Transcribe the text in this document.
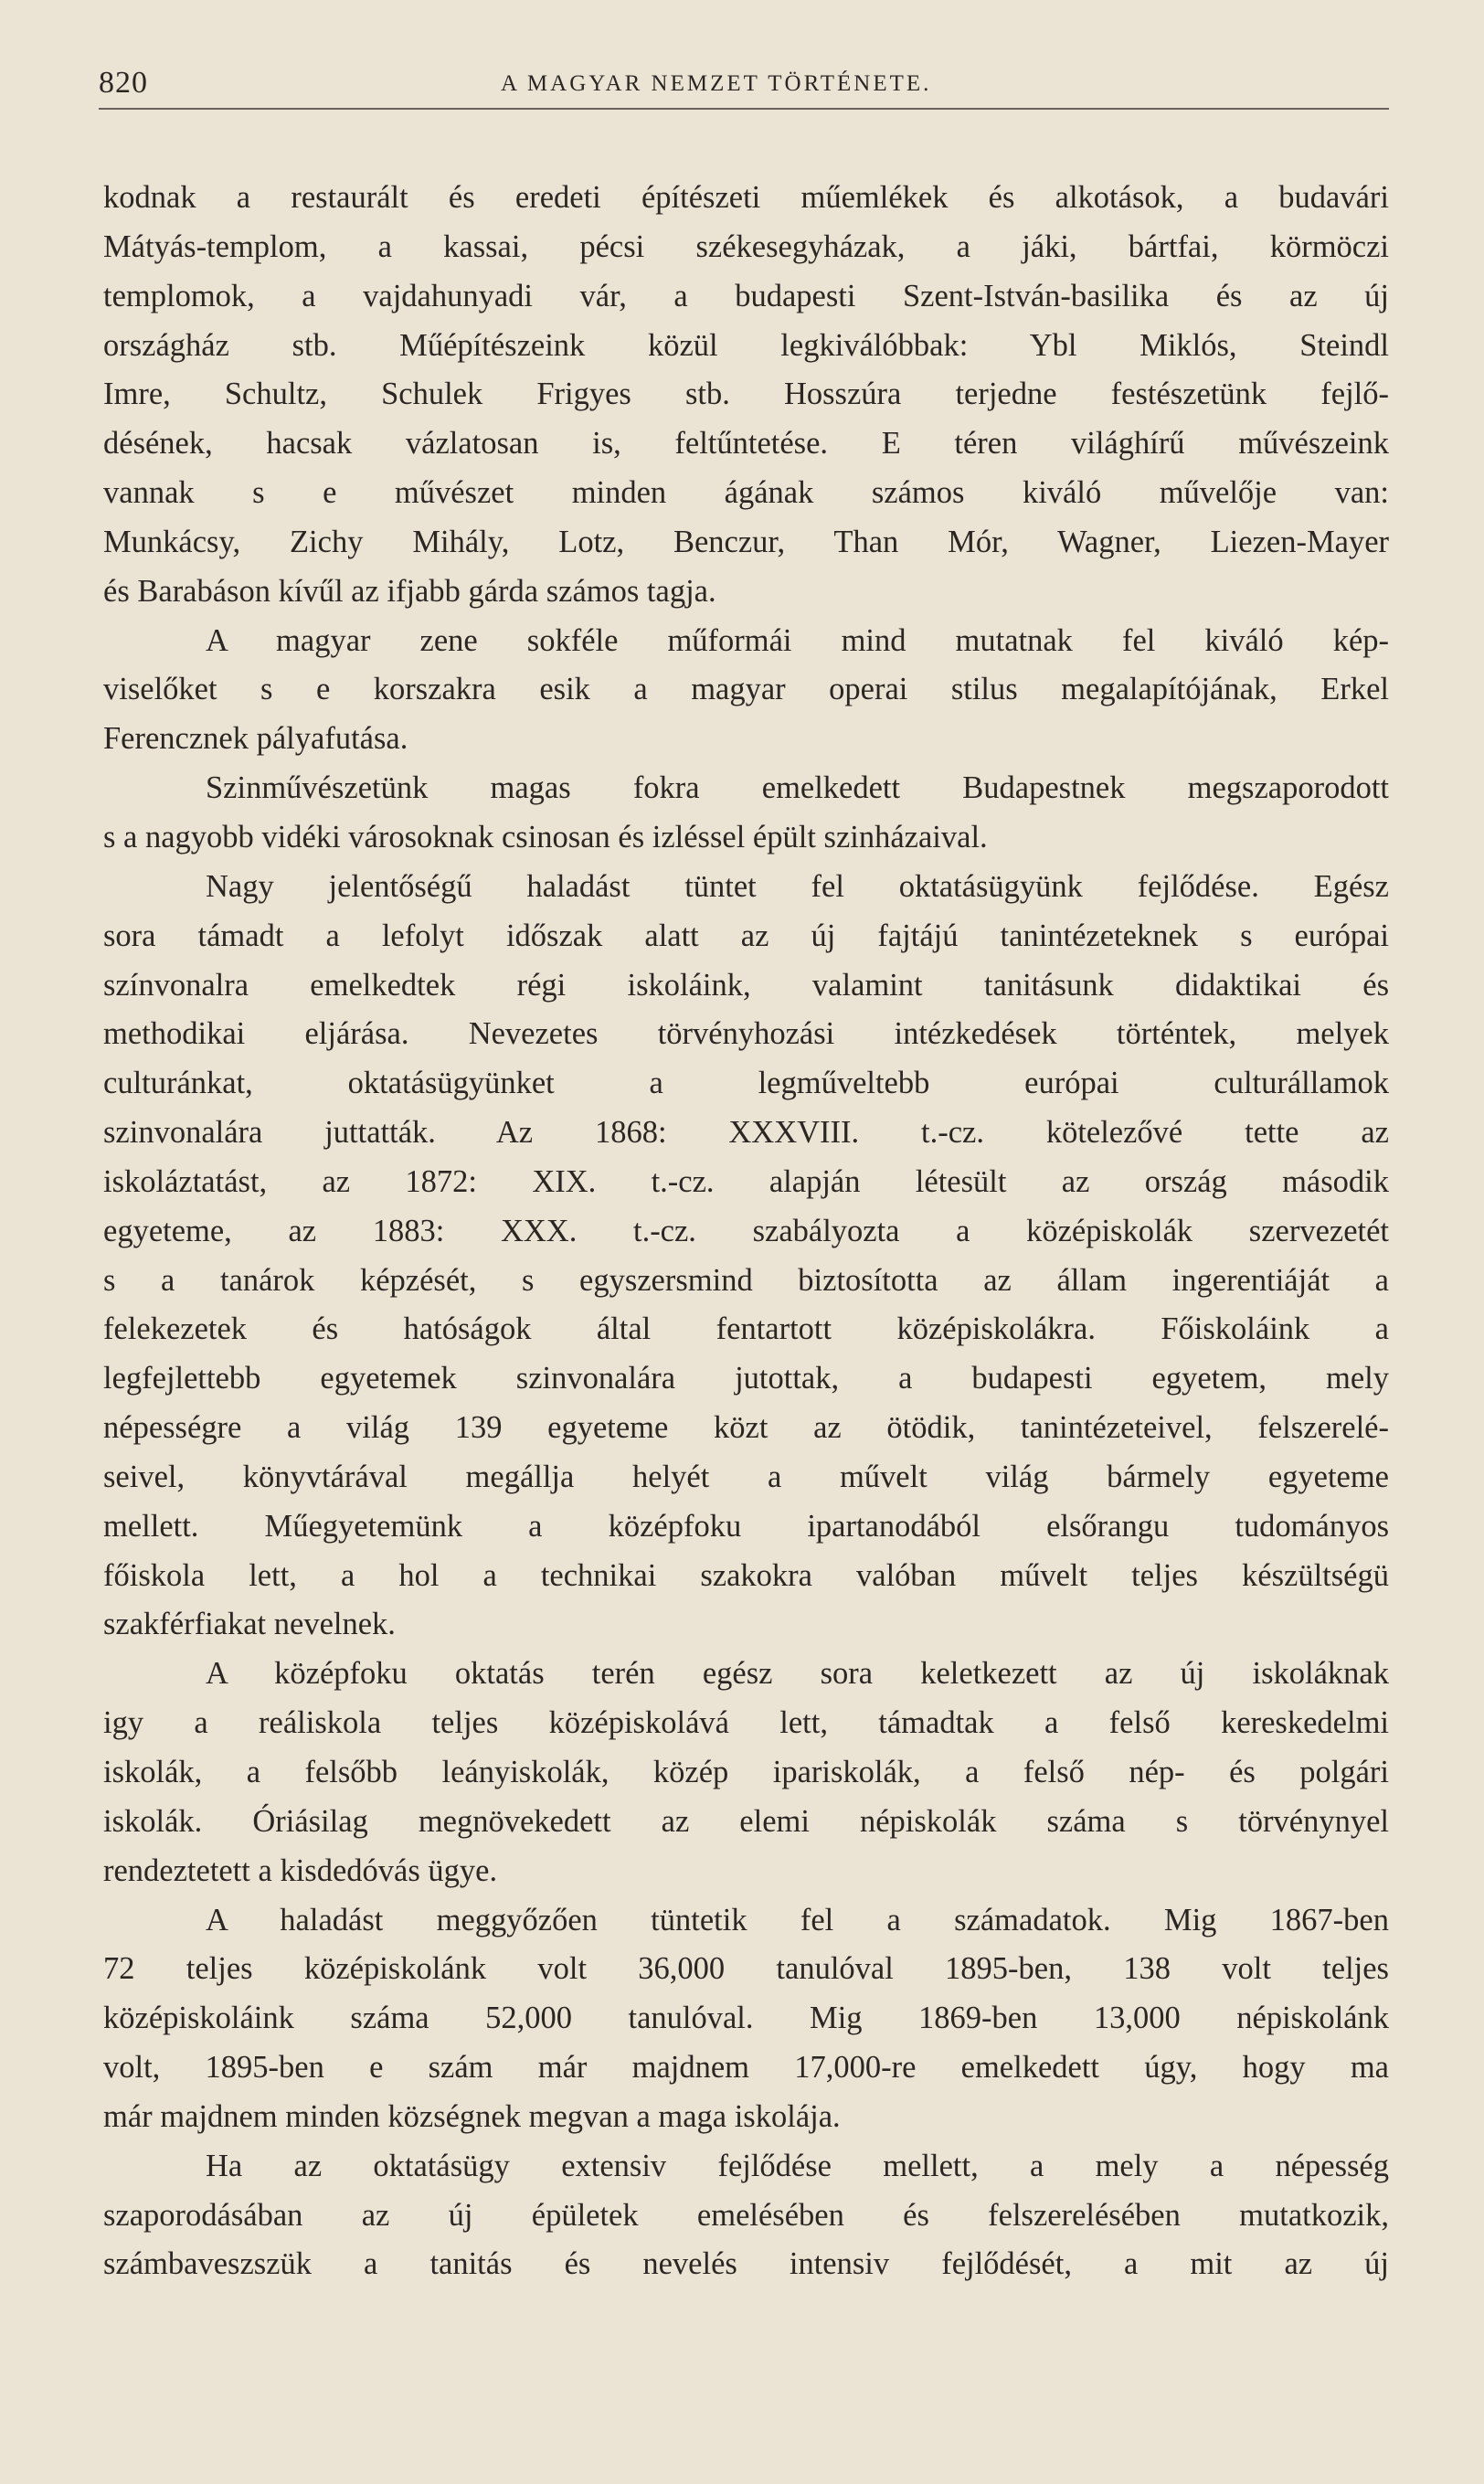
820	A MAGYAR NEMZET TÖRTÉNETE.
kodnak a restaurált és eredeti építészeti műemlékek és alkotások, a budavári
Mátyás-templom, a kassai, pécsi székesegyházak, a jáki, bártfai, körmöczi
templomok, a vajdahunyadi vár, a budapesti Szent-István-basilika és az új
országház stb. Műépítészeink közül legkiválóbbak: Ybl Miklós, Steindl
Imre, Schultz, Schulek Frigyes stb. Hosszúra terjedne festészetünk fejlő-
désének, hacsak vázlatosan is, feltűntetése. E téren világhírű művészeink
vannak s e művészet minden ágának számos kiváló művelője van:
Munkácsy, Zichy Mihály, Lotz, Benczur, Than Mór, Wagner, Liezen-Mayer
és Barabáson kívűl az ifjabb gárda számos tagja.
A magyar zene sokféle műformái mind mutatnak fel kiváló kép-
viselőket s e korszakra esik a magyar operai stilus megalapítójának, Erkel
Ferencznek pályafutása.
Szinművészetünk magas fokra emelkedett Budapestnek megszaporodott
s a nagyobb vidéki városoknak csinosan és izléssel épült szinházaival.
Nagy jelentőségű haladást tüntet fel oktatásügyünk fejlődése. Egész
sora támadt a lefolyt időszak alatt az új fajtájú tanintézeteknek s európai
színvonalra emelkedtek régi iskoláink, valamint tanitásunk didaktikai és
methodikai eljárása. Nevezetes törvényhozási intézkedések történtek, melyek
culturánkat, oktatásügyünket a legműveltebb európai culturállamok
szinvonalára juttatták. Az 1868: XXXVIII. t.-cz. kötelezővé tette az
iskoláztatást, az 1872: XIX. t.-cz. alapján létesült az ország második
egyeteme, az 1883: XXX. t.-cz. szabályozta a középiskolák szervezetét
s a tanárok képzését, s egyszersmind biztosította az állam ingerentiáját a
felekezetek és hatóságok által fentartott középiskolákra. Főiskoláink a
legfejlettebb egyetemek szinvonalára jutottak, a budapesti egyetem, mely
népességre a világ 139 egyeteme közt az ötödik, tanintézeteivel, felszerelé-
seivel, könyvtárával megállja helyét a művelt világ bármely egyeteme
mellett. Műegyetemünk a középfoku ipartanodából elsőrangu tudományos
főiskola lett, a hol a technikai szakokra valóban művelt teljes készültségü
szakférfiakat nevelnek.
A középfoku oktatás terén egész sora keletkezett az új iskoláknak
igy a reáliskola teljes középiskolává lett, támadtak a felső kereskedelmi
iskolák, a felsőbb leányiskolák, közép ipariskolák, a felső nép- és polgári
iskolák. Óriásilag megnövekedett az elemi népiskolák száma s törvénynyel
rendeztetett a kisdedóvás ügye.
A haladást meggyőzően tüntetik fel a számadatok. Mig 1867-ben
72 teljes középiskolánk volt 36,000 tanulóval 1895-ben, 138 volt teljes
középiskoláink száma 52,000 tanulóval. Mig 1869-ben 13,000 népiskolánk
volt, 1895-ben e szám már majdnem 17,000-re emelkedett úgy, hogy ma
már majdnem minden községnek megvan a maga iskolája.
Ha az oktatásügy extensiv fejlődése mellett, a mely a népesség
szaporodásában az új épületek emelésében és felszerelésében mutatkozik,
számbaveszszük a tanitás és nevelés intensiv fejlődését, a mit az új
